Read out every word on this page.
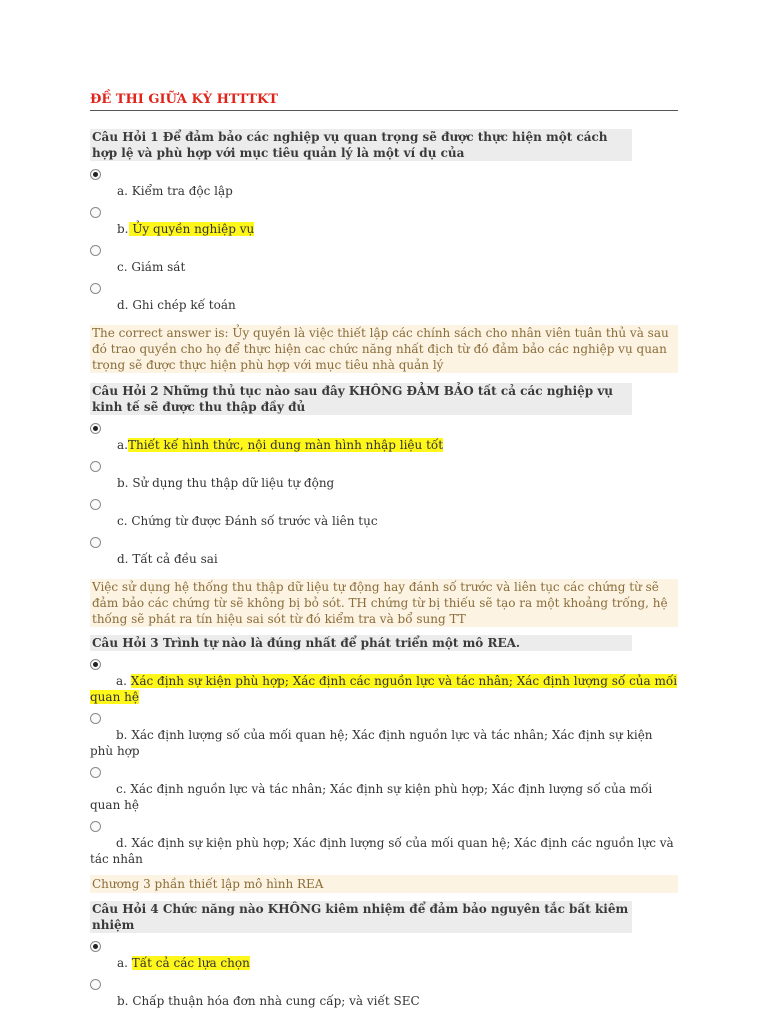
ĐỀ THI GIỮA KỲ HTTTKT
Câu Hỏi 1 Để đảm bảo các nghiệp vụ quan trọng sẽ được thực hiện một cách hợp lệ và phù hợp với mục tiêu quản lý là một ví dụ của
a. Kiểm tra độc lập
b. Ủy quyền nghiệp vụ
c. Giám sát
d. Ghi chép kế toán
The correct answer is: Ủy quyền là việc thiết lập các chính sách cho nhân viên tuân thủ và sau đó trao quyền cho họ để thực hiện cac chức năng nhất địch từ đó đảm bảo các nghiệp vụ quan trọng sẽ được thực hiện phù hợp với mục tiêu nhà quản lý
Câu Hỏi 2 Những thủ tục nào sau đây KHÔNG ĐẢM BẢO tất cả các nghiệp vụ kinh tế sẽ được thu thập đầy đủ
a.Thiết kế hình thức, nội dung màn hình nhập liệu tốt
b. Sử dụng thu thập dữ liệu tự động
c. Chứng từ được Đánh số trước và liên tục
d. Tất cả đều sai
Việc sử dụng hệ thống thu thập dữ liệu tự động hay đánh số trước và liên tục các chứng từ sẽ đảm bảo các chứng từ sẽ không bị bỏ sót. TH chứng từ bị thiếu sẽ tạo ra một khoảng trống, hệ thống sẽ phát ra tín hiệu sai sót từ đó kiểm tra và bổ sung TT
Câu Hỏi 3 Trình tự nào là đúng nhất để phát triển một mô REA.
a. Xác định sự kiện phù hợp; Xác định các nguồn lực và tác nhân; Xác định lượng số của mối quan hệ
b. Xác định lượng số của mối quan hệ; Xác định nguồn lực và tác nhân; Xác định sự kiện phù hợp
c. Xác định nguồn lực và tác nhân; Xác định sự kiện phù hợp; Xác định lượng số của mối quan hệ
d. Xác định sự kiện phù hợp; Xác định lượng số của mối quan hệ; Xác định các nguồn lực và tác nhân
Chương 3 phần thiết lập mô hình REA
Câu Hỏi 4 Chức năng nào KHÔNG kiêm nhiệm để đảm bảo nguyên tắc bất kiêm nhiệm
a. Tất cả các lựa chọn
b. Chấp thuận hóa đơn nhà cung cấp; và viết SEC
